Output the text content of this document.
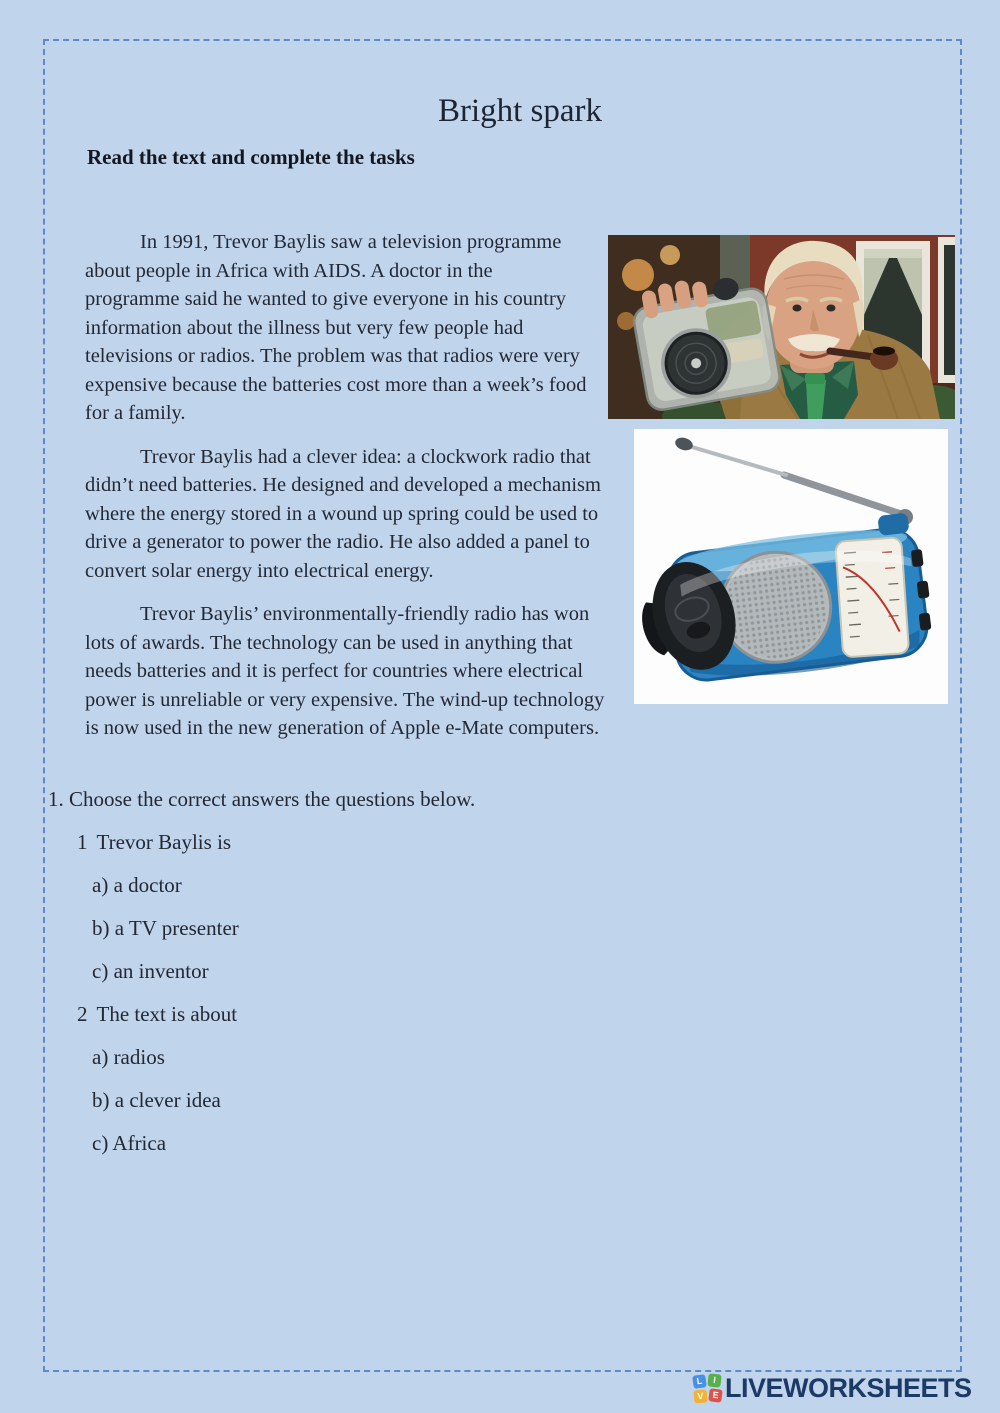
Bright spark
Read the text and complete the tasks

In 1991, Trevor Baylis saw a television programme about people in Africa with AIDS. A doctor in the programme said he wanted to give everyone in his country information about the illness but very few people had televisions or radios. The problem was that radios were very expensive because the batteries cost more than a week’s food for a family.

Trevor Baylis had a clever idea: a clockwork radio that didn’t need batteries. He designed and developed a mechanism where the energy stored in a wound up spring could be used to drive a generator to power the radio. He also added a panel to convert solar energy into electrical energy.

Trevor Baylis’ environmentally-friendly radio has won lots of awards. The technology can be used in anything that needs batteries and it is perfect for countries where electrical power is unreliable or very expensive. The wind-up technology is now used in the new generation of Apple e-Mate computers.

1. Choose the correct answers the questions below.
1 Trevor Baylis is
a) a doctor
b) a TV presenter
c) an inventor
2 The text is about
a) radios
b) a clever idea
c) Africa
L	I
V E LIVEWORKSHEETS
